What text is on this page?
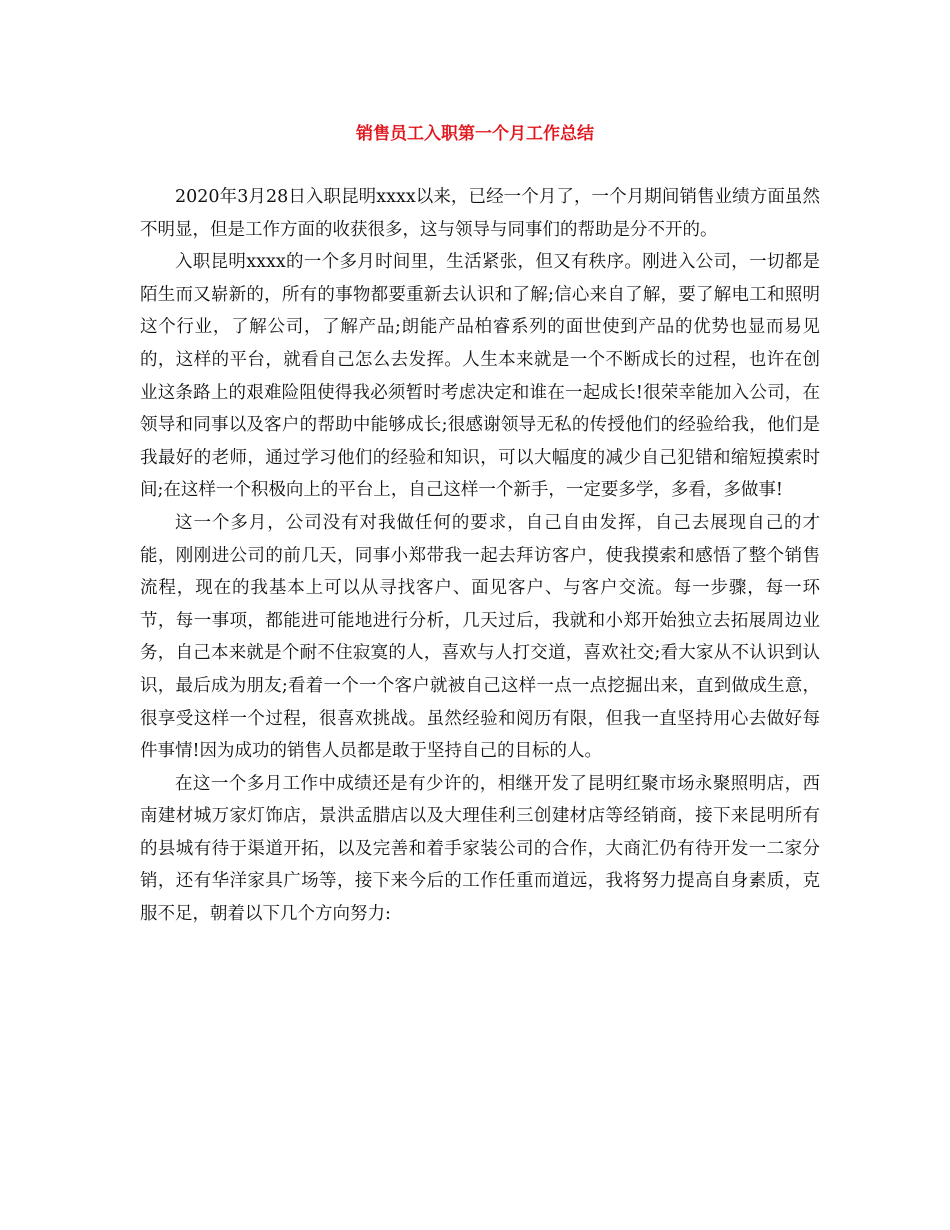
销售员工入职第一个月工作总结

2020年3月28日入职昆明xxxx以来，已经一个月了，一个月期间销售业绩方面虽然不明显，但是工作方面的收获很多，这与领导与同事们的帮助是分不开的。

入职昆明xxxx的一个多月时间里，生活紧张，但又有秩序。刚进入公司，一切都是陌生而又崭新的，所有的事物都要重新去认识和了解;信心来自了解，要了解电工和照明这个行业，了解公司，了解产品;朗能产品柏睿系列的面世使到产品的优势也显而易见的，这样的平台，就看自己怎么去发挥。人生本来就是一个不断成长的过程，也许在创业这条路上的艰难险阻使得我必须暂时考虑决定和谁在一起成长!很荣幸能加入公司，在领导和同事以及客户的帮助中能够成长;很感谢领导无私的传授他们的经验给我，他们是我最好的老师，通过学习他们的经验和知识，可以大幅度的减少自己犯错和缩短摸索时间;在这样一个积极向上的平台上，自己这样一个新手，一定要多学，多看，多做事!

这一个多月，公司没有对我做任何的要求，自己自由发挥，自己去展现自己的才能，刚刚进公司的前几天，同事小郑带我一起去拜访客户，使我摸索和感悟了整个销售流程，现在的我基本上可以从寻找客户、面见客户、与客户交流。每一步骤，每一环节，每一事项，都能进可能地进行分析，几天过后，我就和小郑开始独立去拓展周边业务，自己本来就是个耐不住寂寞的人，喜欢与人打交道，喜欢社交;看大家从不认识到认识，最后成为朋友;看着一个一个客户就被自己这样一点一点挖掘出来，直到做成生意，很享受这样一个过程，很喜欢挑战。虽然经验和阅历有限，但我一直坚持用心去做好每件事情!因为成功的销售人员都是敢于坚持自己的目标的人。

在这一个多月工作中成绩还是有少许的，相继开发了昆明红聚市场永聚照明店，西南建材城万家灯饰店，景洪孟腊店以及大理佳利三创建材店等经销商，接下来昆明所有的县城有待于渠道开拓，以及完善和着手家装公司的合作，大商汇仍有待开发一二家分销，还有华洋家具广场等，接下来今后的工作任重而道远，我将努力提高自身素质，克服不足，朝着以下几个方向努力:
